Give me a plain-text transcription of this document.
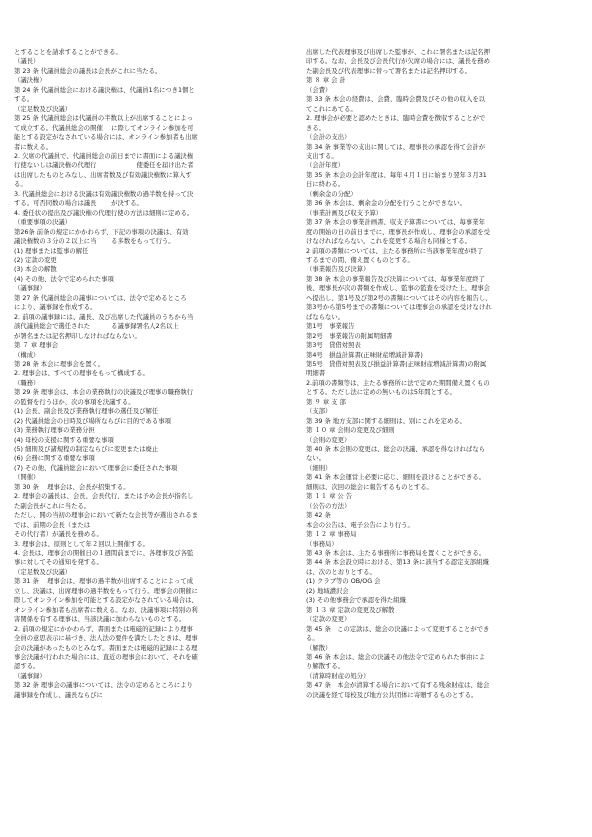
とすることを請求することができる。
（議長）
第 23 条 代議員総会の議長は会長がこれに当たる。
（議決権）
第 24 条 代議員総会における議決権は、代議員1名につき1個と
する。
（定足数及び決議）
第 25 条 代議員総会は代議員の半数以上が出席することによっ
て成立する。代議員総会の開催　 に際してオンライン参加を可
能とする設定がなされている場合には、オンライン参加者も出席
者に数える。
2. 欠席の代議員で、代議員総会の前日までに書面による議決権
行使ないしは議決権の代理行　　　　　　 使委任を届け出た者
は出席したものとみなし、出席者数及び有効議決権数に算入す
る。
3. 代議員総会における決議は有効議決権数の過半数を持って決
する。可否同数の場合は議長　　 が決する。
4. 委任状の提出及び議決権の代理行使の方法は細則に定める。
（重要事項の決議）
第26条 前条の規定にかかわらず、下記の事項の決議は、有効
議決権数の３分の２以上に当　　 る多数をもって行う。
(1) 理事または監事の解任
(2) 定款の変更
(3) 本会の解散
(4) その他、法令で定められた事項
（議事録）
第 27 条 代議員総会の議事については、法令で定めるところ
により、議事録を作成する。
2. 前項の議事録には、議長、及び出席した代議員のうちから当
該代議員総会で選任された　　　 る議事録署名人2名以上
が署名または記名押印しなければならない。
第 ７ 章 理事会
（構成）
第 28 条 本会に理事会を置く。
2. 理事会は、すべての理事をもって構成する。
（職務）
第 29 条 理事会は、本会の業務執行の決議及び理事の職務執行
の監督を行うほか、次の事項を決議する。
(1) 会長、副会長及び業務執行理事の選任及び解任
(2) 代議員総会の日時及び場所ならびに目的である事項
(3) 業務執行理事の業務分担
(4) 母校の支援に関する重要な事項
(5) 細則及び諸規程の制定ならびに変更または廃止
(6) 会務に関する重要な事項
(7) その他、代議員総会において理事会に委任された事項
（開催）
第 30 条　 理事会は、会長が招集する。
2. 理事会の議長は、会長、会長代行、または予め会長が指名し
た副会長がこれに当たる。
ただし、開の当初の理事会において新たな会長等が選出されるま
では、前期の会長（または
その代行者）が議長を務める。
3. 理事会は、原則として年２回以上開催する。
4. 会長は、理事会の開催日の１週間前までに、各理事及び各監
事に対してその通知を発する。
（定足数及び決議）
第 31 条　 理事会は、理事の過半数が出席することによって成
立し、決議は、出席理事の過半数をもって行う。理事会の開催に
際してオンライン参加を可能とする設定がなされている場合は、
オンライン参加者も出席者に数える。なお、決議事項に特別の利
害関係を有する理事は、当該決議に加わらないものとする。
2. 前項の規定にかかわらず、書面または電磁的記録により理事
全員の意思表示に基づき、法人法の要件を満たしたときは、理事
会の決議があったものとみなす。書面または電磁的記録による理
事会決議が行われた場合には、直近の理事会において、それを確
認する。
（議事録）
第 32 条 理事会の議事については、法令の定めるところにより
議事録を作成し、議長ならびに
出席した代表理事及び出席した監事が、これに署名または記名押
印する。なお、会長及び会長代行が欠席の場合には、議長を務め
た副会長及び代表理事に替って署名または記名押印する。
第 ８ 章 会 計
（会費）
第 33 条 本会の経費は、会費、臨時会費及びその他の収入を以
てこれにあてる。
2. 理事会が必要と認めたときは、臨時会費を徴収することがで
きる。
（会計の支出）
第 34 条 事業等の支出に関しては、理事長の承認を得て会計が
支出する。
（会計年度）
第 35 条 本会の会計年度は、毎年４月１日に始まり翌年３月31
日に終わる。
（剰余金の分配）
第 36 条 本会は、剰余金の分配を行うことができない。
（事業計画及び収支予算）
第 37 条 本会の事業計画書、収支予算書については、毎事業年
度の開始の日の前日までに、理事長が作成し、理事会の承認を受
けなければならない。これを変更する場合も同様とする。
2 前項の書類については、主たる事務所に当該事業年度が終了
するまでの間、備え置くものとする。
（事業報告及び決算）
第 38 条 本会の事業報告及び決算については、毎事業年度終了
後、理事長が次の書類を作成し、監事の監査を受けた上、理事会
へ提出し、第1号及び第2号の書類についてはその内容を報告し、
第3号から第5号までの書類については理事会の承認を受けなけれ
ばならない。
第1号　事業報告
第2号　事業報告の附属明細書
第3号　貸借対照表
第4号　損益計算書(正味財産増減計算書)
第5号　貸借対照表及び損益計算書(正味財産増減計算書)の附属
明細書
2.前項の書類等は、主たる事務所に法で定めた期間備え置くもの
とする。ただし法に定めの無いものは5年間とする。
第 ９ 章 支 部
（支部）
第 39 条 地方支部に関する細則は、別にこれを定める。
第 １０ 章 会則の変更及び細則
（会則の変更）
第 40 条 本会則の変更は、総会の決議、承認を得なければなら
ない。
（細則）
第 41 条 本会運営上必要に応じ、細則を設けることができる。
細則は、次回の総会に報告するものとする。
第 １１ 章 公 告
（公告の方法）
第 42 条
本会の公告は、電子公告により行う。
第 １２ 章 事務局
（事務局）
第 43 条 本会は、主たる事務所に事務局を置くことができる。
第 44 条 本会設立時における、第13 条に該当する認定支部組織
は、次のとおりとする。
(1) クラブ等の OB/OG 会
(2) 地域濃沢会
(3) その他事務会で承認を得た組織
第 １３ 章 定款の変更及び解散
（定款の変更）
第 45 条　この定款は、総会の決議によって変更することができ
る。
（解散）
第 46 条 本会は、総会の決議その他法令で定められた事由によ
り解散する。
（清算時財産の処分）
第 47 条　本会が清算する場合において有する残余財産は、総会
の決議を経て母校及び地方公共団体に寄贈するものとする。
